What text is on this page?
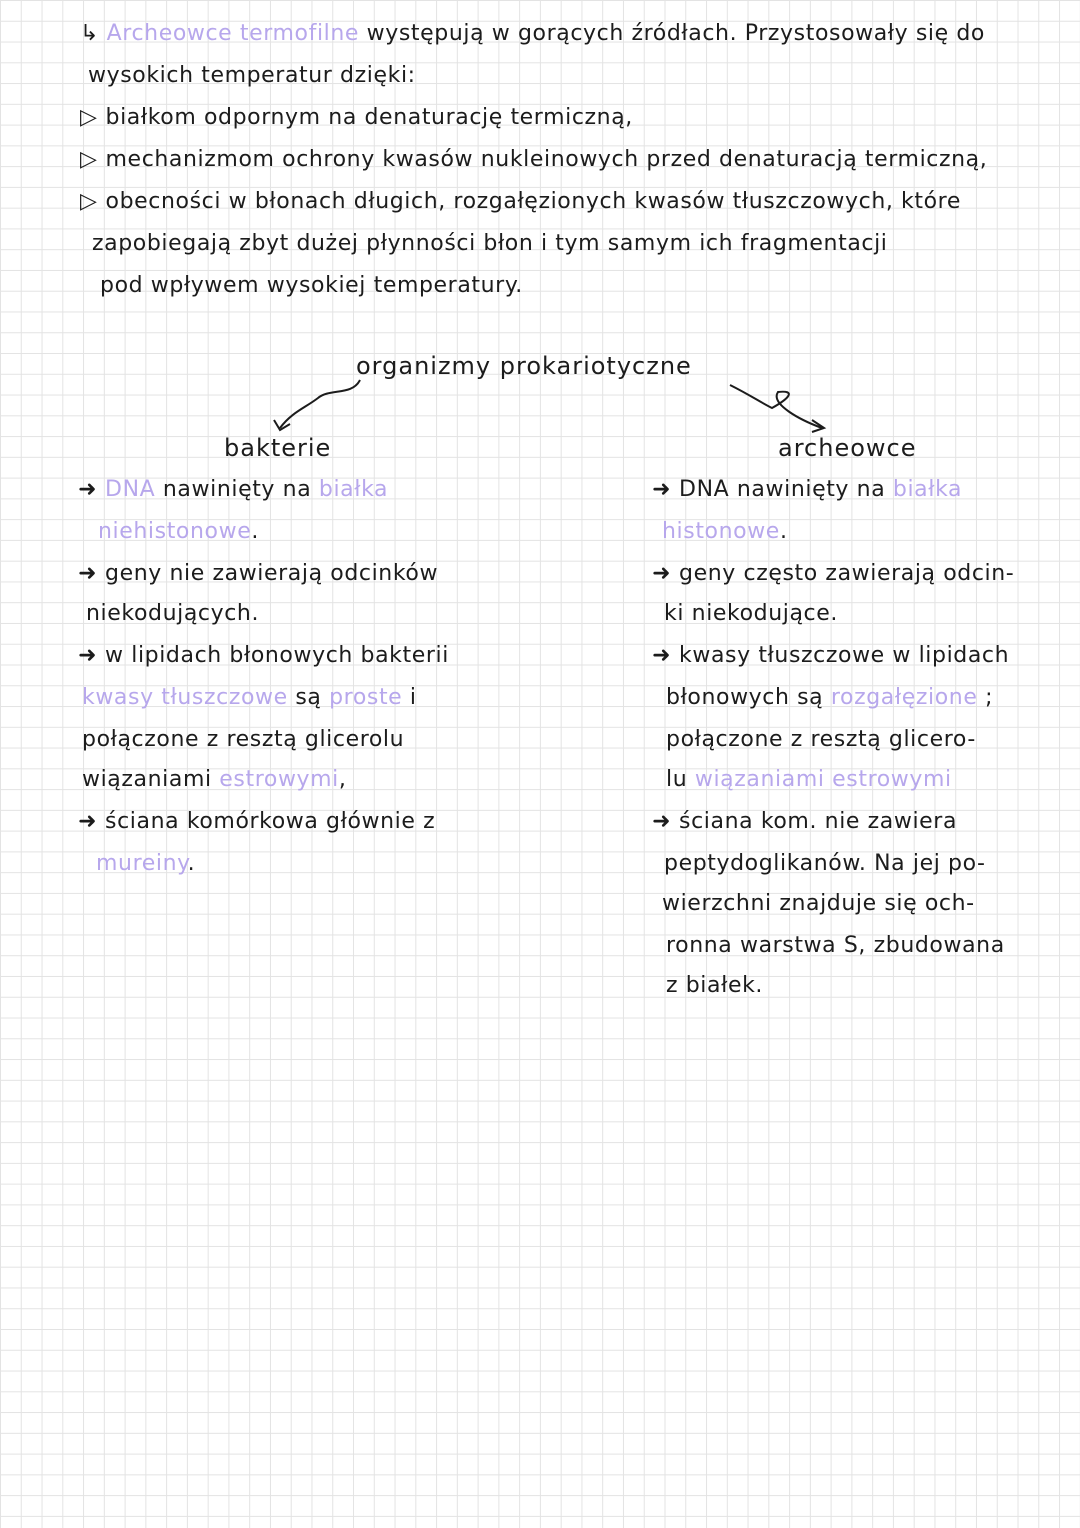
↳ Archeowce termofilne występują w gorących źródłach. Przystosowały się do
wysokich temperatur dzięki:
▷ białkom odpornym na denaturację termiczną,
▷ mechanizmom ochrony kwasów nukleinowych przed denaturacją termiczną,
▷ obecności w błonach długich, rozgałęzionych kwasów tłuszczowych, które
zapobiegają zbyt dużej płynności błon i tym samym ich fragmentacji
pod wpływem wysokiej temperatury.
organizmy prokariotyczne
bakterie
➜ DNA nawinięty na białka
niehistonowe.
➜ geny nie zawierają odcinków
niekodujących.
➜ w lipidach błonowych bakterii
kwasy tłuszczowe są proste i
połączone z resztą glicerolu
wiązaniami estrowymi,
➜ ściana komórkowa głównie z
mureiny.
archeowce
➜ DNA nawinięty na białka
histonowe.
➜ geny często zawierają odcin-
ki niekodujące.
➜ kwasy tłuszczowe w lipidach
błonowych są rozgałęzione ;
połączone z resztą glicero-
lu wiązaniami estrowymi
➜ ściana kom. nie zawiera
peptydoglikanów. Na jej po-
wierzchni znajduje się och-
ronna warstwa S, zbudowana
z białek.
